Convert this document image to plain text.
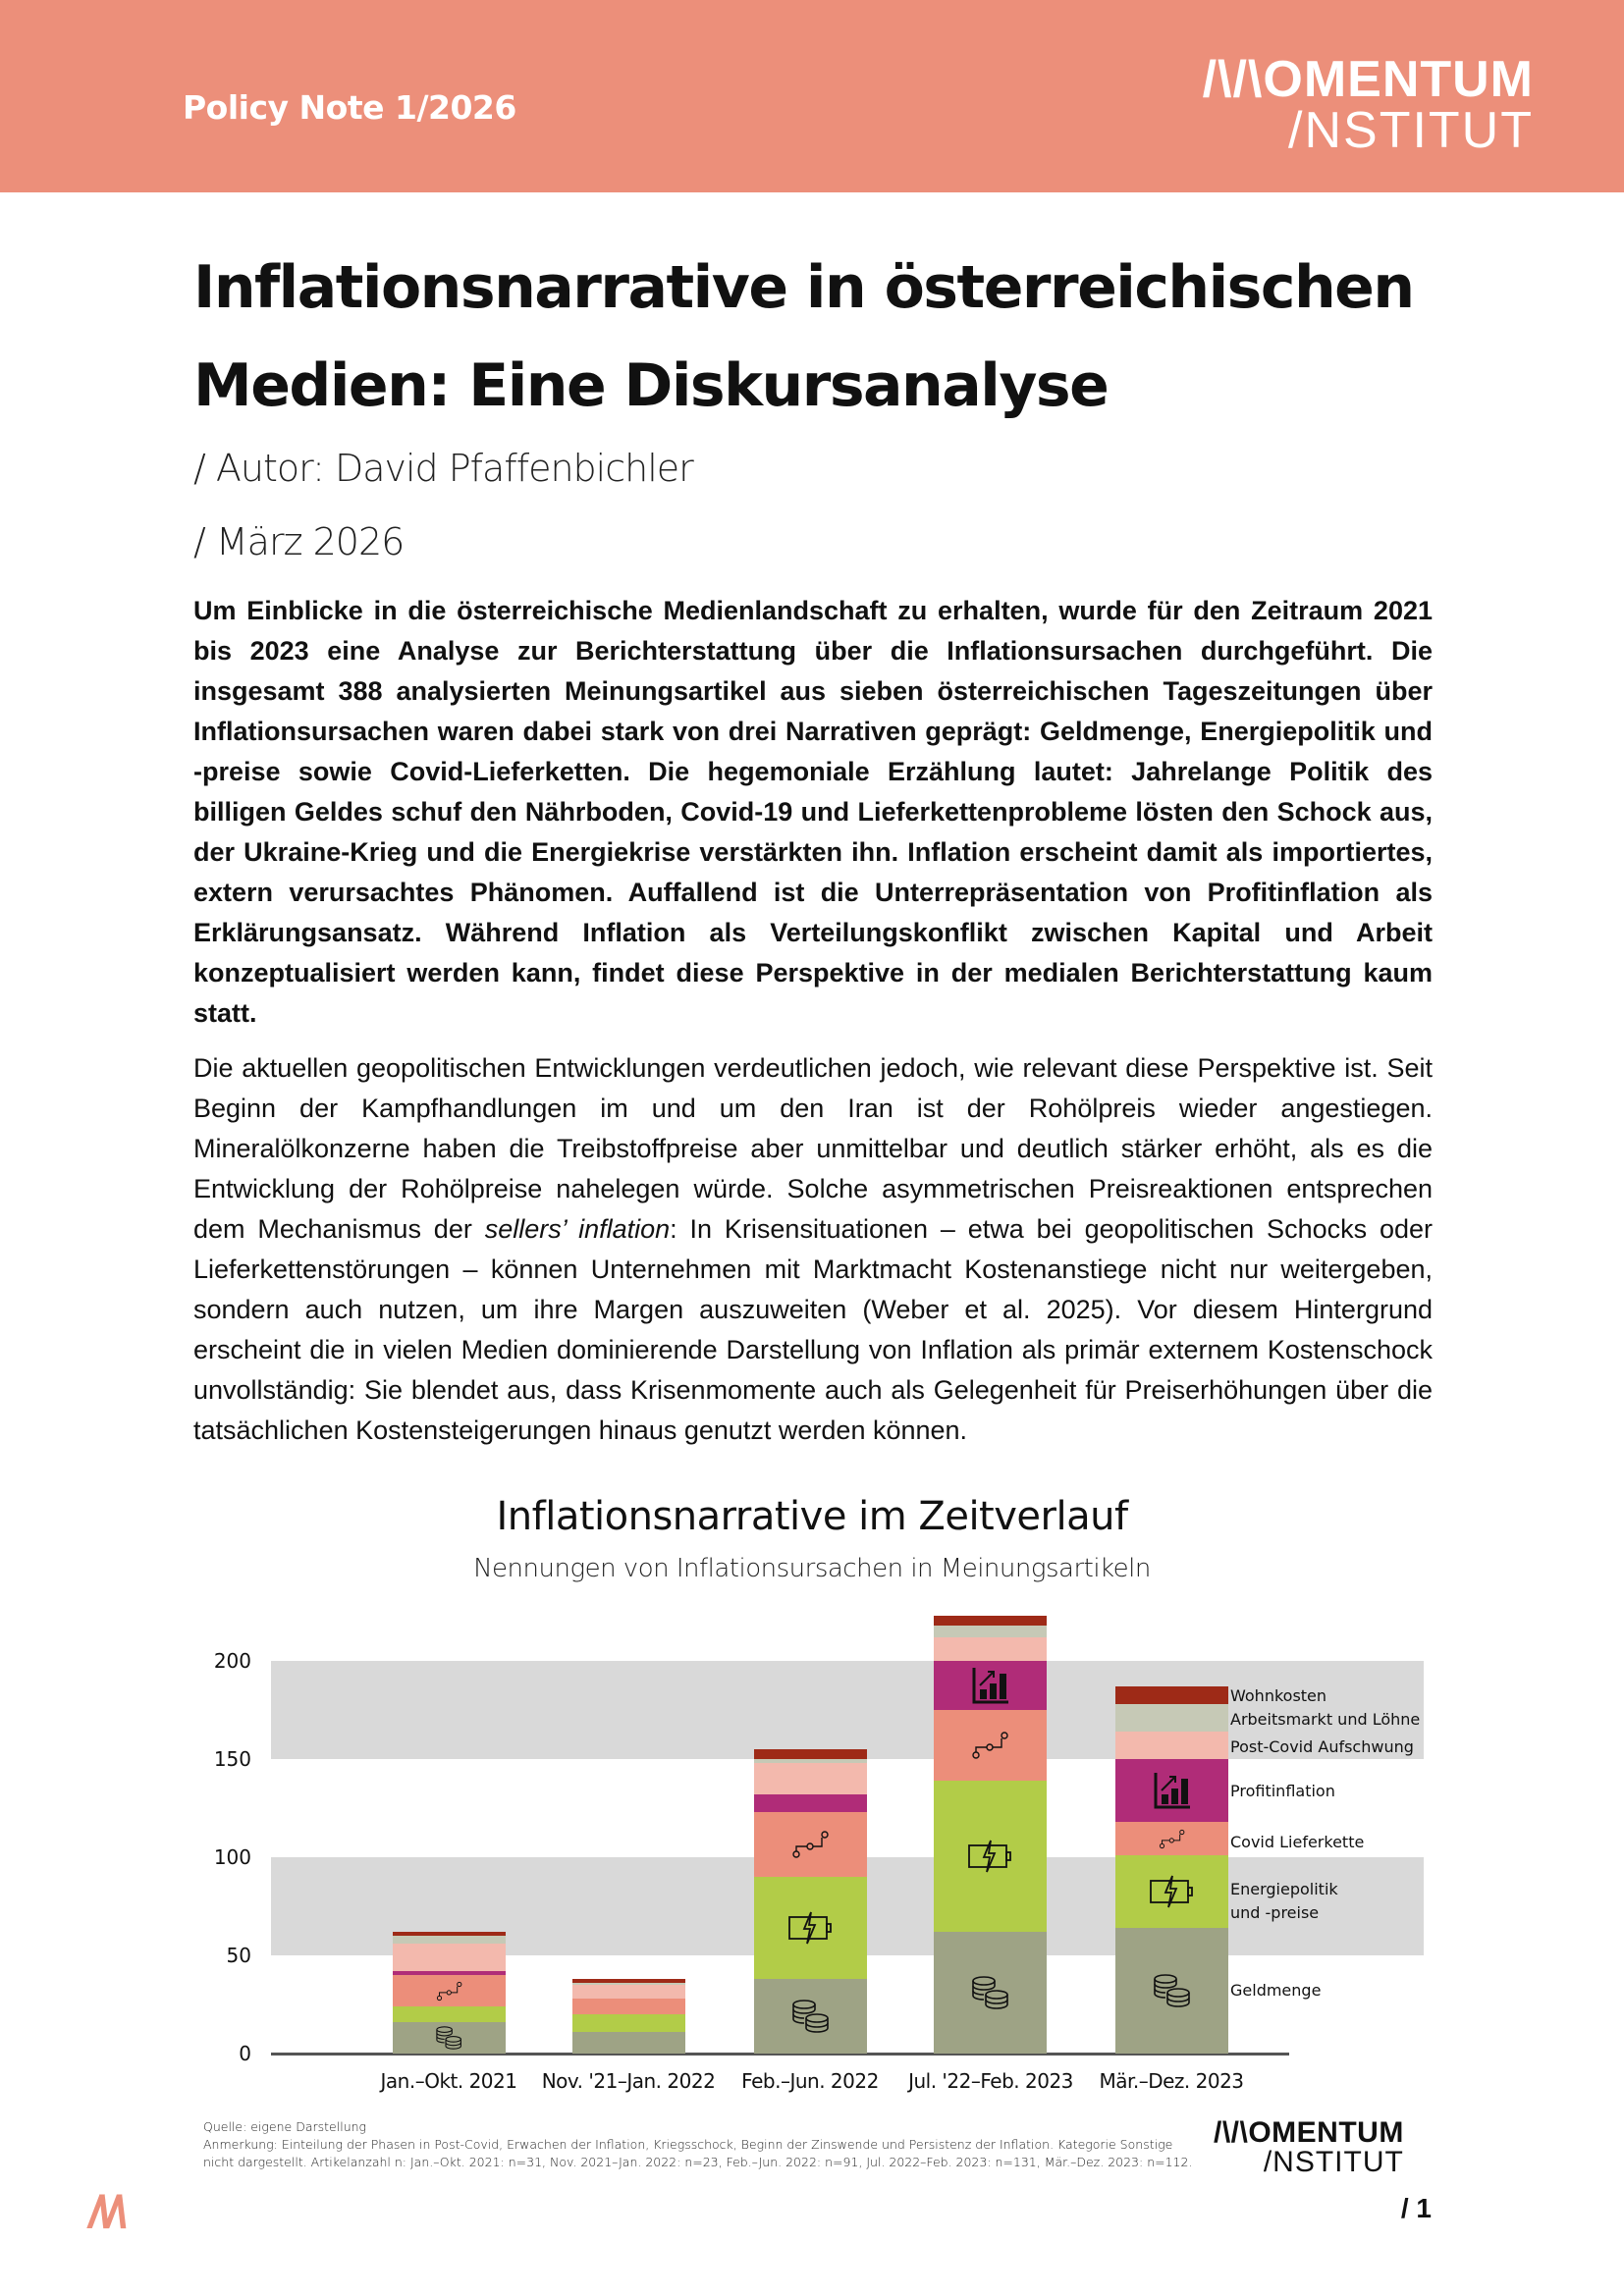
Policy Note 1/2026	/\/\OMENTUM
/NSTITUT
Inflationsnarrative in österreichischen
Medien: Eine Diskursanalyse
/ Autor: David Pfaffenbichler
/ März 2026

Um Einblicke in die österreichische Medienlandschaft zu erhalten, wurde für den Zeitraum 2021 bis 2023 eine Analyse zur Berichterstattung über die Inflationsursachen durchgeführt. Die insgesamt 388 analysierten Meinungsartikel aus sieben österreichischen Tageszeitungen über Inflationsursachen waren dabei stark von drei Narrativen geprägt: Geldmenge, Energiepolitik und -preise sowie Covid-Lieferketten. Die hegemoniale Erzählung lautet: Jahrelange Politik des billigen Geldes schuf den Nährboden, Covid-19 und Lieferkettenprobleme lösten den Schock aus, der Ukraine-Krieg und die Energiekrise verstärkten ihn. Inflation erscheint damit als importiertes, extern verursachtes Phänomen. Auffallend ist die Unterrepräsentation von Profitinflation als Erklärungsansatz. Während Inflation als Verteilungskonflikt zwischen Kapital und Arbeit konzeptualisiert werden kann, findet diese Perspektive in der medialen Berichterstattung kaum statt.

Die aktuellen geopolitischen Entwicklungen verdeutlichen jedoch, wie relevant diese Perspektive ist. Seit Beginn der Kampfhandlungen im und um den Iran ist der Rohölpreis wieder angestiegen. Mineralölkonzerne haben die Treibstoffpreise aber unmittelbar und deutlich stärker erhöht, als es die Entwicklung der Rohölpreise nahelegen würde. Solche asymmetrischen Preisreaktionen entsprechen dem Mechanismus der sellers’ inflation: In Krisensituationen – etwa bei geopolitischen Schocks oder Lieferkettenstörungen – können Unternehmen mit Marktmacht Kostenanstiege nicht nur weitergeben, sondern auch nutzen, um ihre Margen auszuweiten (Weber et al. 2025). Vor diesem Hintergrund erscheint die in vielen Medien dominierende Darstellung von Inflation als primär externem Kostenschock unvollständig: Sie blendet aus, dass Krisenmomente auch als Gelegenheit für Preiserhöhungen über die tatsächlichen Kostensteigerungen hinaus genutzt werden können.

Inflationsnarrative im Zeitverlauf
Nennungen von Inflationsursachen in Meinungsartikeln
200
150
100
50
0
Jan.–Okt. 2021	Nov. '21–Jan. 2022	Feb.–Jun. 2022	Jul. '22–Feb. 2023	Mär.–Dez. 2023
Wohnkosten
Arbeitsmarkt und Löhne
Post-Covid Aufschwung
Profitinflation
Covid Lieferkette
Energiepolitik
und -preise
Geldmenge
Quelle: eigene Darstellung
Anmerkung: Einteilung der Phasen in Post-Covid, Erwachen der Inflation, Kriegsschock, Beginn der Zinswende und Persistenz der Inflation. Kategorie Sonstige
nicht dargestellt. Artikelanzahl n: Jan.–Okt. 2021: n=31, Nov. 2021–Jan. 2022: n=23, Feb.–Jun. 2022: n=91, Jul. 2022–Feb. 2023: n=131, Mär.–Dez. 2023: n=112.
/\/\OMENTUM
/NSTITUT
/\/\	/ 1
